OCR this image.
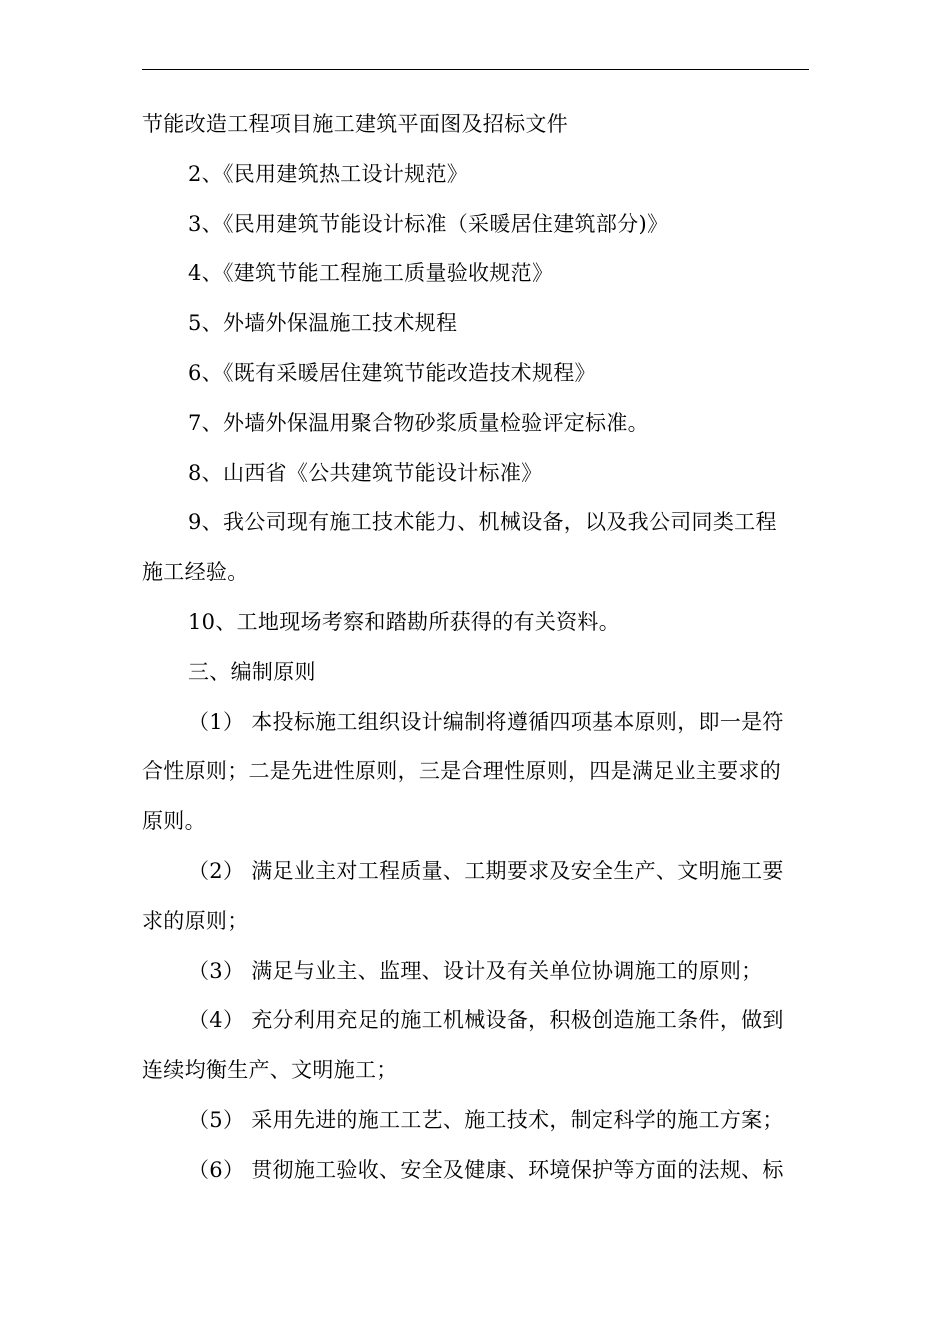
节能改造工程项目施工建筑平面图及招标文件
2、《民用建筑热工设计规范》
3、《民用建筑节能设计标准（采暖居住建筑部分)》
4、《建筑节能工程施工质量验收规范》
5、外墙外保温施工技术规程
6、《既有采暖居住建筑节能改造技术规程》
7、外墙外保温用聚合物砂浆质量检验评定标准。
8、山西省《公共建筑节能设计标准》
9、我公司现有施工技术能力、机械设备，以及我公司同类工程
施工经验。
10、工地现场考察和踏勘所获得的有关资料。
三、编制原则
（1） 本投标施工组织设计编制将遵循四项基本原则，即一是符
合性原则；二是先进性原则，三是合理性原则，四是满足业主要求的
原则。
（2） 满足业主对工程质量、工期要求及安全生产、文明施工要
求的原则；
（3） 满足与业主、监理、设计及有关单位协调施工的原则；
（4） 充分利用充足的施工机械设备，积极创造施工条件，做到
连续均衡生产、文明施工；
（5） 采用先进的施工工艺、施工技术，制定科学的施工方案；
（6） 贯彻施工验收、安全及健康、环境保护等方面的法规、标
